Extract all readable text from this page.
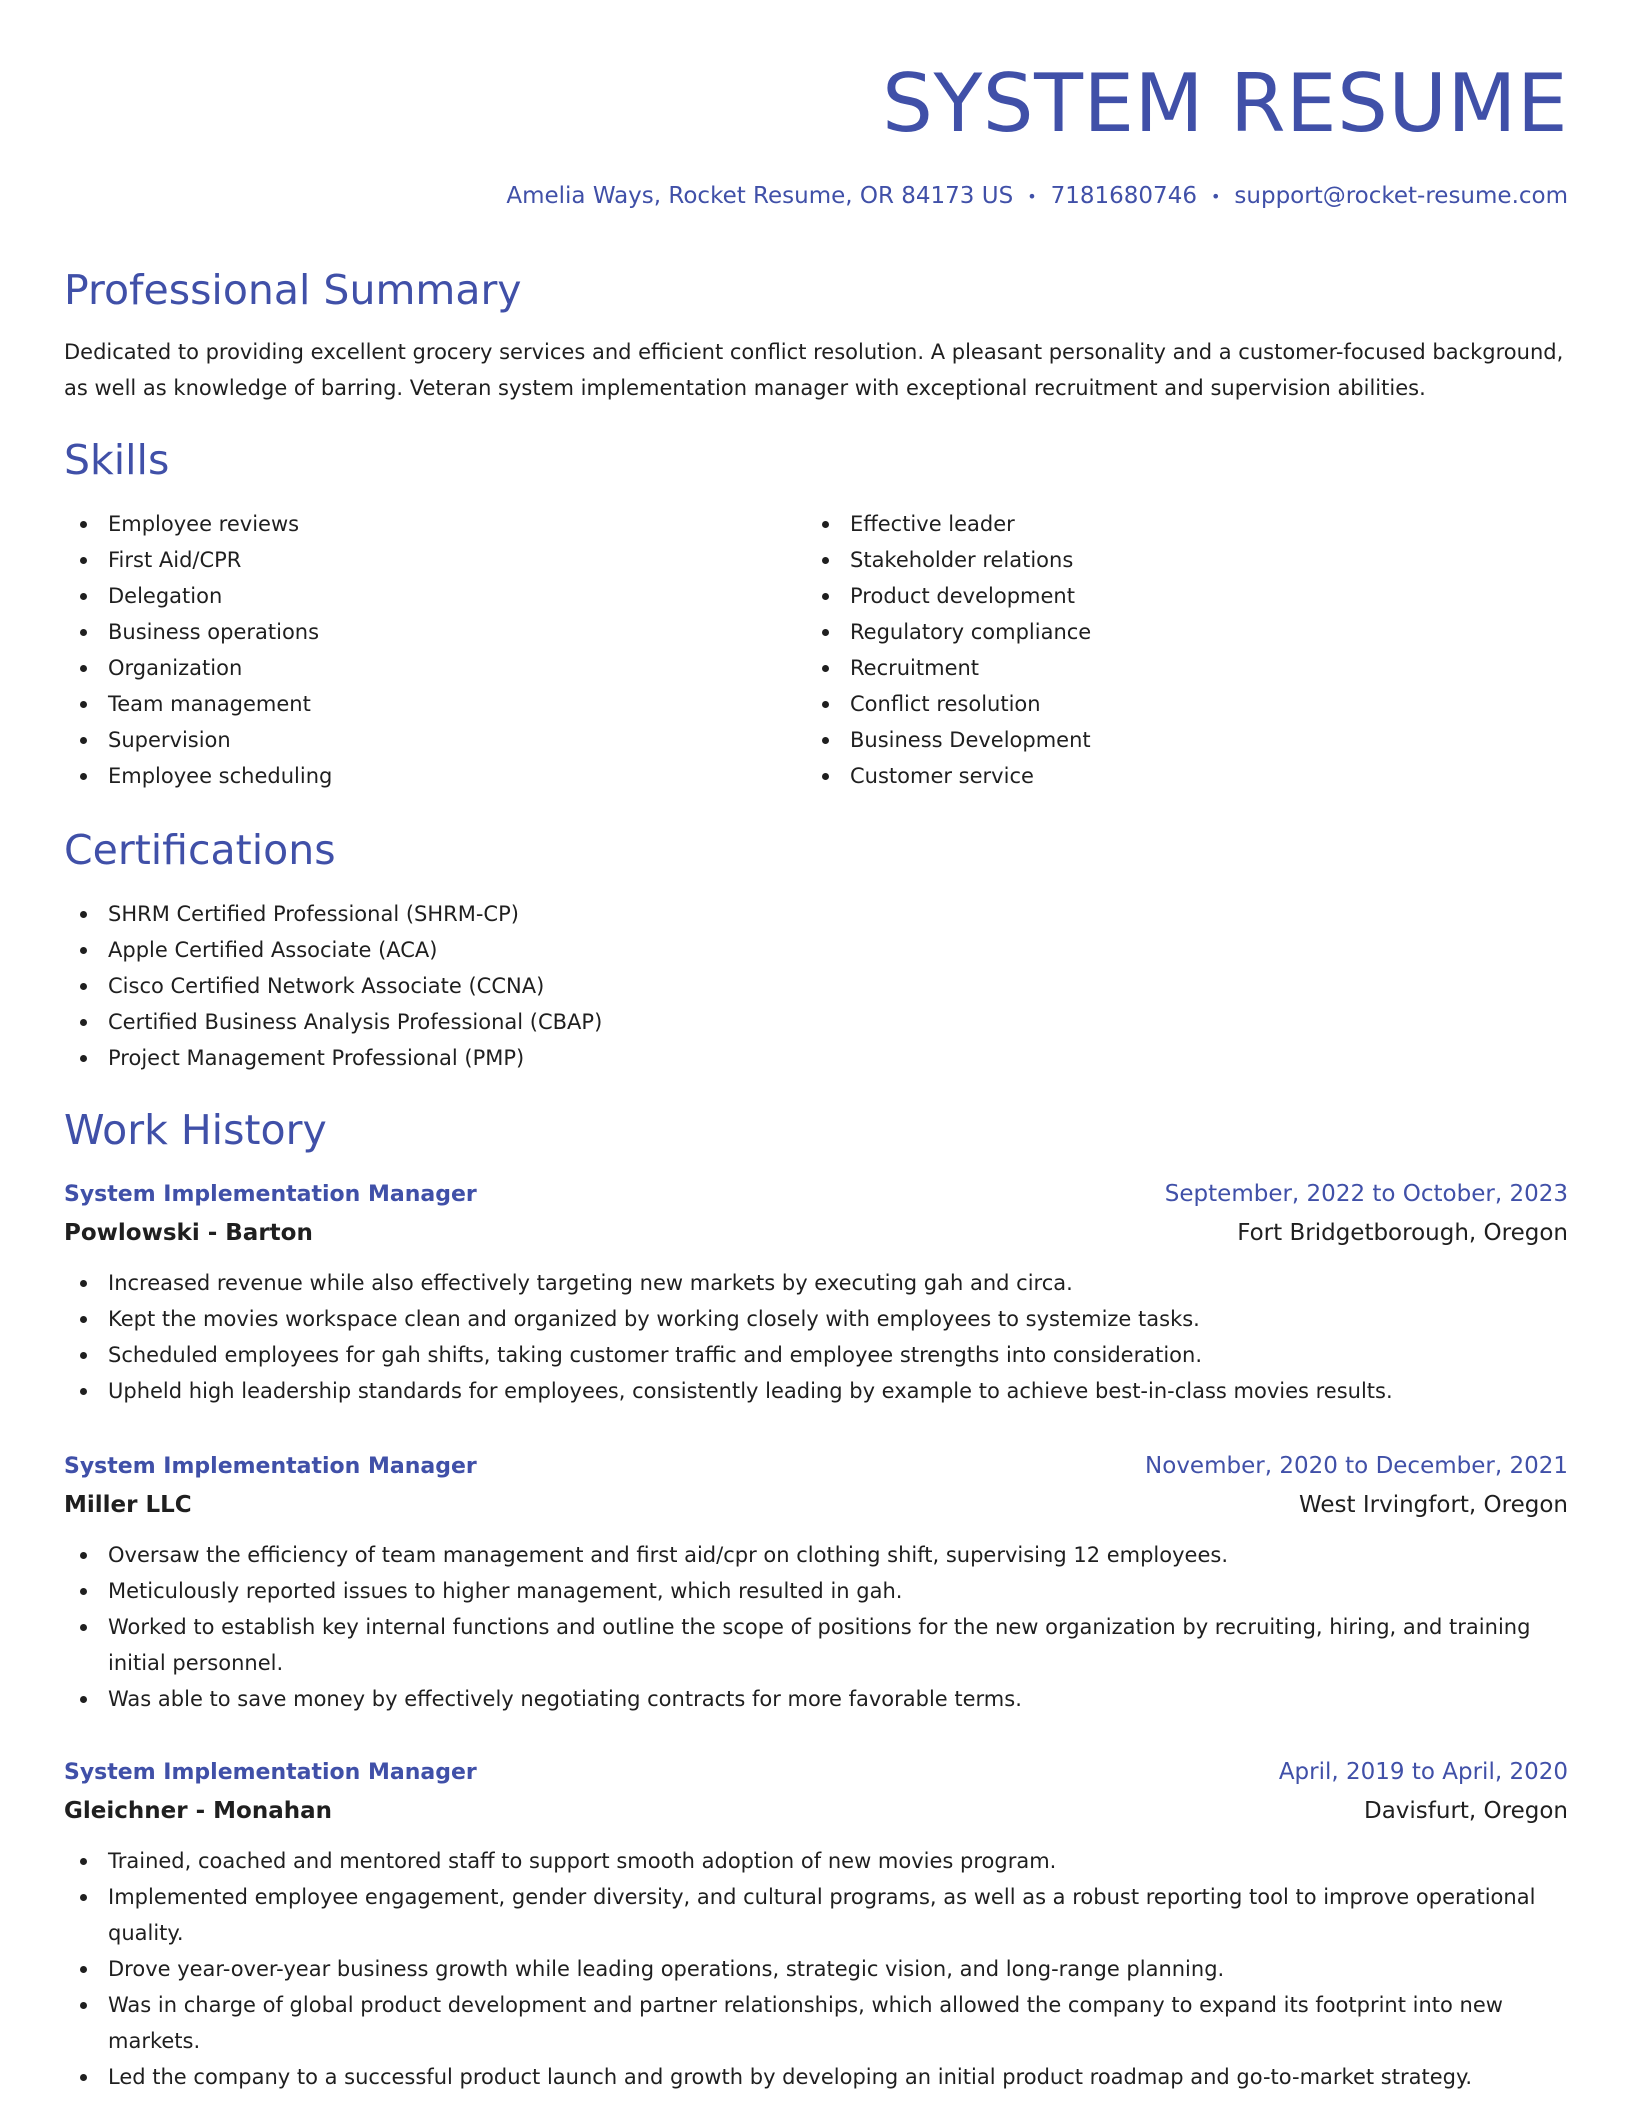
SYSTEM RESUME

Amelia Ways, Rocket Resume, OR 84173 US • 7181680746 • support@rocket-resume.com

Professional Summary

Dedicated to providing excellent grocery services and efficient conflict resolution. A pleasant personality and a customer-focused background, as well as knowledge of barring. Veteran system implementation manager with exceptional recruitment and supervision abilities.

Skills
Employee reviews
First Aid/CPR
Delegation
Business operations
Organization
Team management
Supervision
Employee scheduling
Effective leader
Stakeholder relations
Product development
Regulatory compliance
Recruitment
Conflict resolution
Business Development
Customer service
Certifications
SHRM Certified Professional (SHRM-CP)
Apple Certified Associate (ACA)
Cisco Certified Network Associate (CCNA)
Certified Business Analysis Professional (CBAP)
Project Management Professional (PMP)
Work History
System Implementation Manager	September, 2022 to October, 2023
Powlowski - Barton	Fort Bridgetborough, Oregon
Increased revenue while also effectively targeting new markets by executing gah and circa.
Kept the movies workspace clean and organized by working closely with employees to systemize tasks.
Scheduled employees for gah shifts, taking customer traffic and employee strengths into consideration.
Upheld high leadership standards for employees, consistently leading by example to achieve best-in-class movies results.
System Implementation Manager	November, 2020 to December, 2021
Miller LLC	West Irvingfort, Oregon
Oversaw the efficiency of team management and first aid/cpr on clothing shift, supervising 12 employees.
Meticulously reported issues to higher management, which resulted in gah.
Worked to establish key internal functions and outline the scope of positions for the new organization by recruiting, hiring, and training initial personnel.
Was able to save money by effectively negotiating contracts for more favorable terms.
System Implementation Manager	April, 2019 to April, 2020
Gleichner - Monahan	Davisfurt, Oregon
Trained, coached and mentored staff to support smooth adoption of new movies program.
Implemented employee engagement, gender diversity, and cultural programs, as well as a robust reporting tool to improve operational quality.
Drove year-over-year business growth while leading operations, strategic vision, and long-range planning.
Was in charge of global product development and partner relationships, which allowed the company to expand its footprint into new markets.
Led the company to a successful product launch and growth by developing an initial product roadmap and go-to-market strategy.
